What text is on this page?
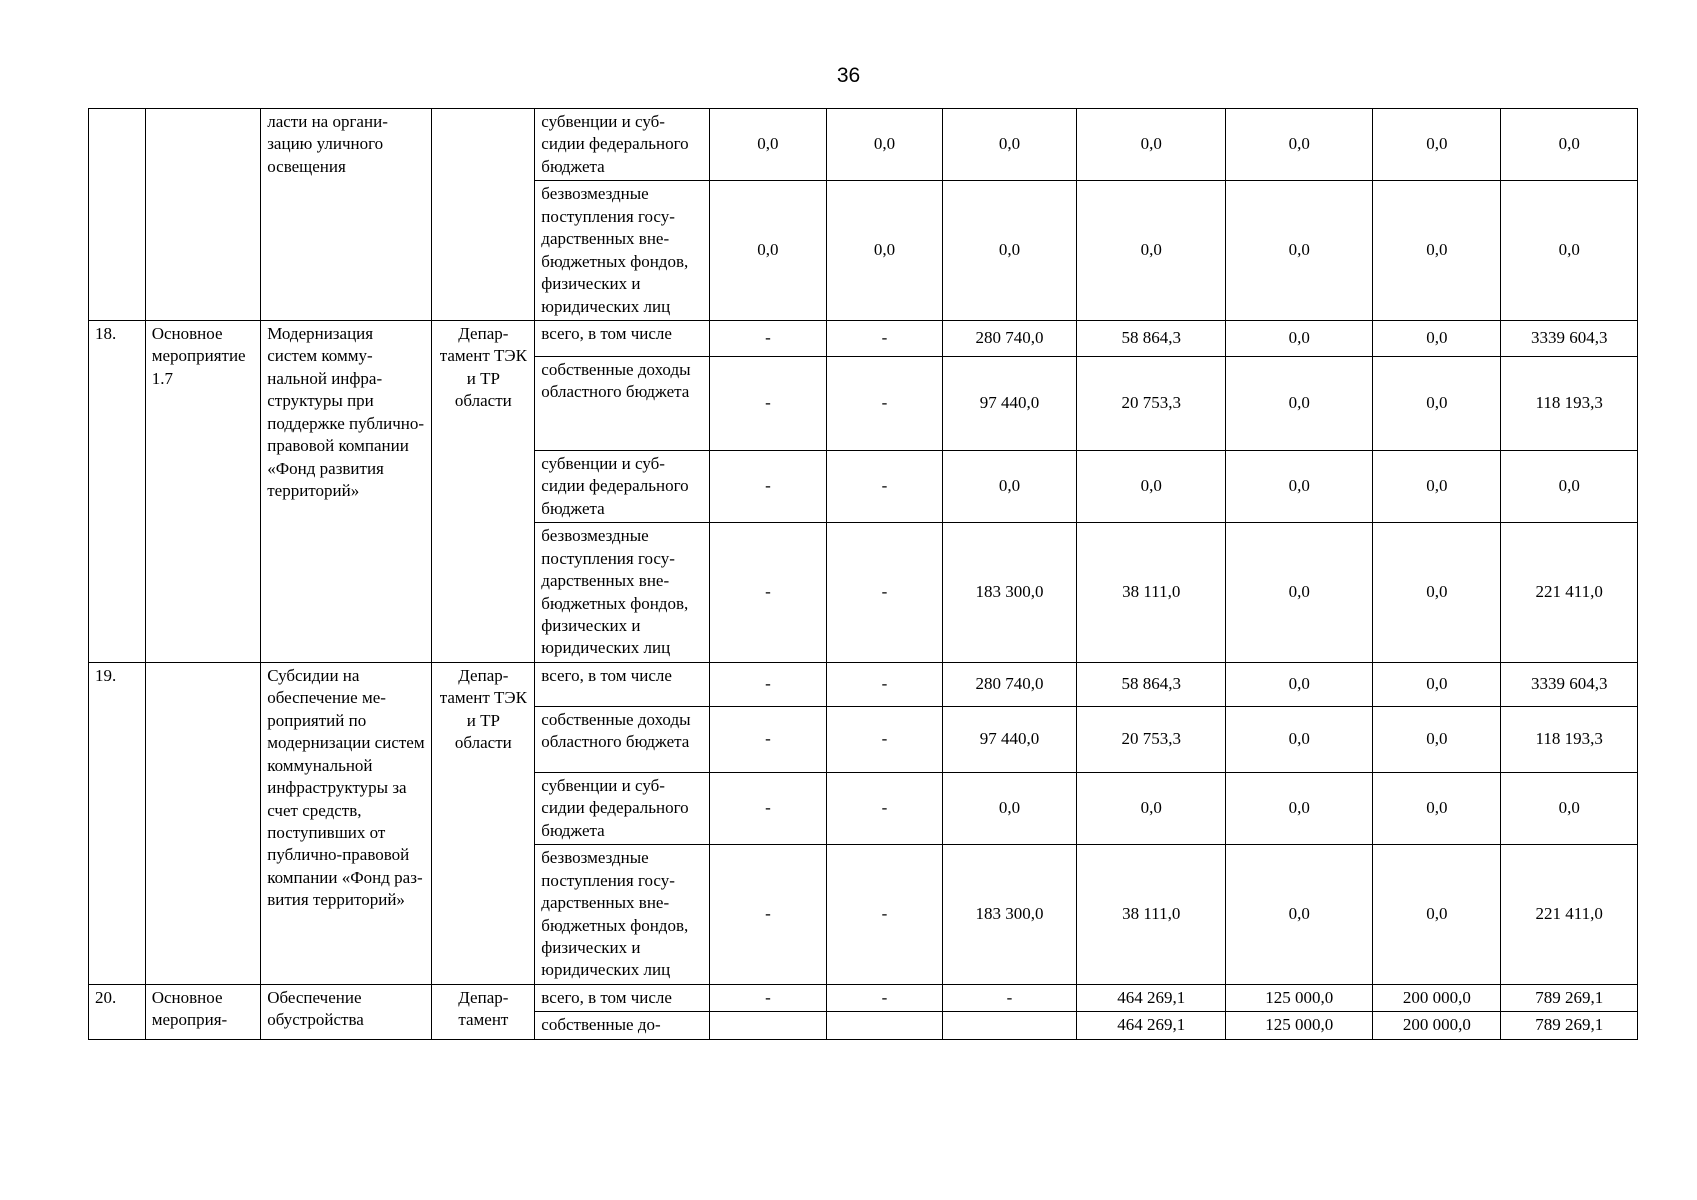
36
		ласти на организацию уличного освещения		субвенции и субсидии федерального бюджета	0,0	0,0	0,0	0,0	0,0	0,0	0,0
				безвозмездные поступления государственных внебюджетных фондов, физических и юридических лиц	0,0	0,0	0,0	0,0	0,0	0,0	0,0
18.	Основное мероприятие 1.7	Модернизация систем коммунальной инфраструктуры при поддержке публично-правовой компании «Фонд развития территорий»	Департамент ТЭК и ТР области	всего, в том числе	-	-	280 740,0	58 864,3	0,0	0,0	3339 604,3
				собственные доходы областного бюджета	-	-	97 440,0	20 753,3	0,0	0,0	118 193,3
				субвенции и субсидии федерального бюджета	-	-	0,0	0,0	0,0	0,0	0,0
				безвозмездные поступления государственных внебюджетных фондов, физических и юридических лиц	-	-	183 300,0	38 111,0	0,0	0,0	221 411,0
19.		Субсидии на обеспечение мероприятий по модернизации систем коммунальной инфраструктуры за счет средств, поступивших от публично-правовой компании «Фонд развития территорий»	Департамент ТЭК и ТР области	всего, в том числе	-	-	280 740,0	58 864,3	0,0	0,0	3339 604,3
				собственные доходы областного бюджета	-	-	97 440,0	20 753,3	0,0	0,0	118 193,3
				субвенции и субсидии федерального бюджета	-	-	0,0	0,0	0,0	0,0	0,0
				безвозмездные поступления государственных внебюджетных фондов, физических и юридических лиц	-	-	183 300,0	38 111,0	0,0	0,0	221 411,0
20.	Основное мероприя-	Обеспечение обустройства	Департамент	всего, в том числе	-	-	-	464 269,1	125 000,0	200 000,0	789 269,1
				собственные до-				464 269,1	125 000,0	200 000,0	789 269,1
